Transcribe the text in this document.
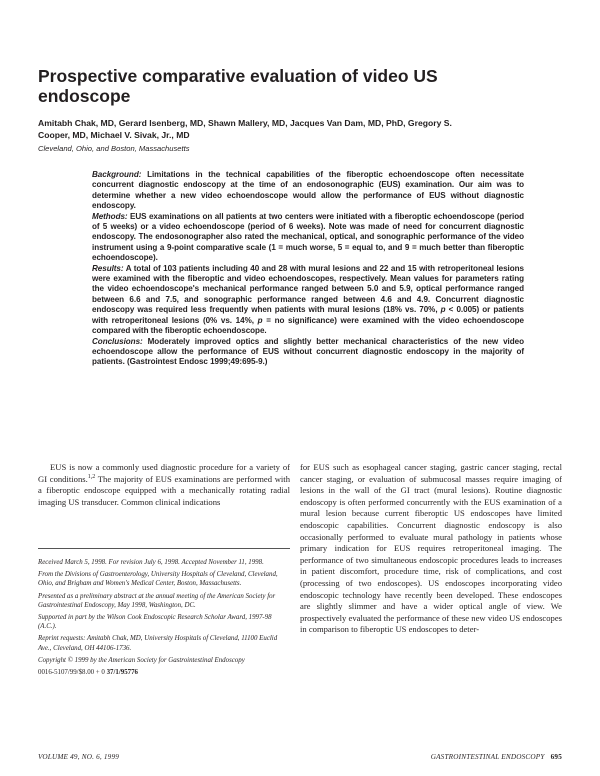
Prospective comparative evaluation of video US
endoscope
Amitabh Chak, MD, Gerard Isenberg, MD, Shawn Mallery, MD, Jacques Van Dam, MD, PhD, Gregory S.
Cooper, MD, Michael V. Sivak, Jr., MD
Cleveland, Ohio, and Boston, Massachusetts

Background: Limitations in the technical capabilities of the fiberoptic echoendoscope often necessitate concurrent diagnostic endoscopy at the time of an endosonographic (EUS) examination. Our aim was to determine whether a new video echoendoscope would allow the performance of EUS without diagnostic endoscopy.

Methods: EUS examinations on all patients at two centers were initiated with a fiberoptic echoendoscope (period of 5 weeks) or a video echoendoscope (period of 6 weeks). Note was made of need for concurrent diagnostic endoscopy. The endosonographer also rated the mechanical, optical, and sonographic performance of the video instrument using a 9-point comparative scale (1 = much worse, 5 = equal to, and 9 = much better than fiberoptic echoendoscope).

Results: A total of 103 patients including 40 and 28 with mural lesions and 22 and 15 with retroperitoneal lesions were examined with the fiberoptic and video echoendoscopes, respectively. Mean values for parameters rating the video echoendoscope's mechanical performance ranged between 5.0 and 5.9, optical performance ranged between 6.6 and 7.5, and sonographic performance ranged between 4.6 and 4.9. Concurrent diagnostic endoscopy was required less frequently when patients with mural lesions (18% vs. 70%, p < 0.005) or patients with retroperitoneal lesions (0% vs. 14%, p = no significance) were examined with the video echoendoscope compared with the fiberoptic echoendoscope.

Conclusions: Moderately improved optics and slightly better mechanical characteristics of the new video echoendoscope allow the performance of EUS without concurrent diagnostic endoscopy in the majority of patients. (Gastrointest Endosc 1999;49:695-9.)

EUS is now a commonly used diagnostic procedure for a variety of GI conditions.$^{1,2}$ The majority of EUS examinations are performed with a fiberoptic endoscope equipped with a mechanically rotating radial imaging US transducer. Common clinical indications

Received March 5, 1998. For revision July 6, 1998. Accepted November 11, 1998.

From the Divisions of Gastroenterology, University Hospitals of Cleveland, Cleveland, Ohio, and Brigham and Women's Medical Center, Boston, Massachusetts.

Presented as a preliminary abstract at the annual meeting of the American Society for Gastrointestinal Endoscopy, May 1998, Washington, DC.

Supported in part by the Wilson Cook Endoscopic Research Scholar Award, 1997-98 (A.C.).

Reprint requests: Amitabh Chak, MD, University Hospitals of Cleveland, 11100 Euclid Ave., Cleveland, OH 44106-1736.

Copyright © 1999 by the American Society for Gastrointestinal Endoscopy

0016-5107/99/$8.00 + 0 37/1/95776

for EUS such as esophageal cancer staging, gastric cancer staging, rectal cancer staging, or evaluation of submucosal masses require imaging of lesions in the wall of the GI tract (mural lesions). Routine diagnostic endoscopy is often performed concurrently with the EUS examination of a mural lesion because current fiberoptic US endoscopes have limited endoscopic capabilities. Concurrent diagnostic endoscopy is also occasionally performed to evaluate mural pathology in patients whose primary indication for EUS requires retroperitoneal imaging. The performance of two simultaneous endoscopic procedures leads to increases in patient discomfort, procedure time, risk of complications, and cost (processing of two endoscopes). US endoscopes incorporating video endoscopic technology have recently been developed. These endoscopes are slightly slimmer and have a wider optical angle of view. We prospectively evaluated the performance of these new video US endoscopes in comparison to fiberoptic US endoscopes to deter-

VOLUME 49, NO. 6, 1999	GASTROINTESTINAL ENDOSCOPY 695
